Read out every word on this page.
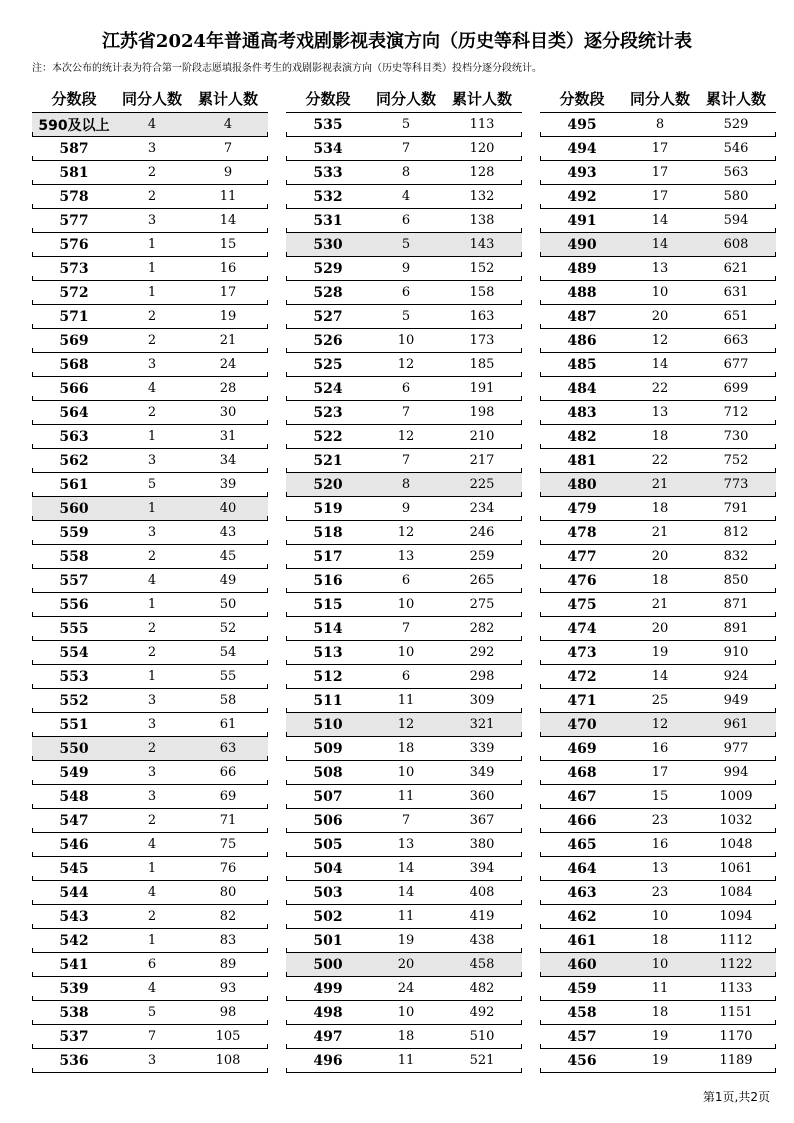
江苏省2024年普通高考戏剧影视表演方向（历史等科目类）逐分段统计表
注：本次公布的统计表为符合第一阶段志愿填报条件考生的戏剧影视表演方向（历史等科目类）投档分逐分段统计。
分数段	同分人数	累计人数
590及以上	4	4
587	3	7
581	2	9
578	2	11
577	3	14
576	1	15
573	1	16
572	1	17
571	2	19
569	2	21
568	3	24
566	4	28
564	2	30
563	1	31
562	3	34
561	5	39
560	1	40
559	3	43
558	2	45
557	4	49
556	1	50
555	2	52
554	2	54
553	1	55
552	3	58
551	3	61
550	2	63
549	3	66
548	3	69
547	2	71
546	4	75
545	1	76
544	4	80
543	2	82
542	1	83
541	6	89
539	4	93
538	5	98
537	7	105
536	3	108
分数段	同分人数	累计人数
535	5	113
534	7	120
533	8	128
532	4	132
531	6	138
530	5	143
529	9	152
528	6	158
527	5	163
526	10	173
525	12	185
524	6	191
523	7	198
522	12	210
521	7	217
520	8	225
519	9	234
518	12	246
517	13	259
516	6	265
515	10	275
514	7	282
513	10	292
512	6	298
511	11	309
510	12	321
509	18	339
508	10	349
507	11	360
506	7	367
505	13	380
504	14	394
503	14	408
502	11	419
501	19	438
500	20	458
499	24	482
498	10	492
497	18	510
496	11	521
分数段	同分人数	累计人数
495	8	529
494	17	546
493	17	563
492	17	580
491	14	594
490	14	608
489	13	621
488	10	631
487	20	651
486	12	663
485	14	677
484	22	699
483	13	712
482	18	730
481	22	752
480	21	773
479	18	791
478	21	812
477	20	832
476	18	850
475	21	871
474	20	891
473	19	910
472	14	924
471	25	949
470	12	961
469	16	977
468	17	994
467	15	1009
466	23	1032
465	16	1048
464	13	1061
463	23	1084
462	10	1094
461	18	1112
460	10	1122
459	11	1133
458	18	1151
457	19	1170
456	19	1189
第1页,共2页
